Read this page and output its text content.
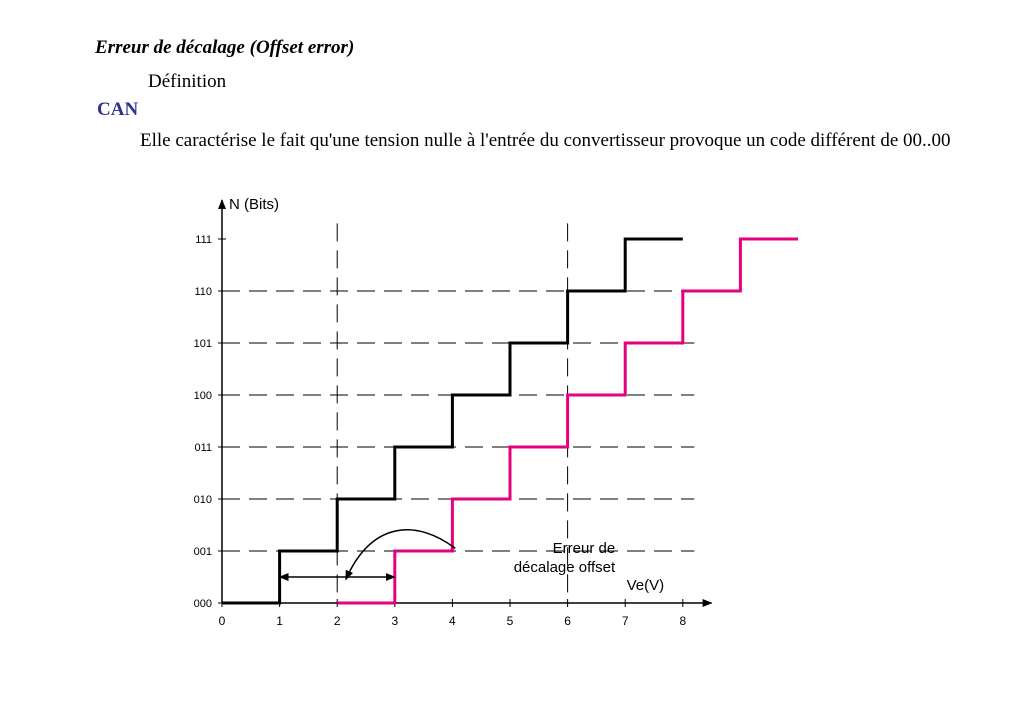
Erreur de décalage (Offset error)
Définition
CAN
Elle caractérise le fait qu'une tension nulle à l'entrée du convertisseur provoque un code différent de 00..00
0	1	2	3	4	5	6	7	8
000
001
010
011
100
101
110
111
N (Bits)
Ve(V)
Erreur de
décalage offset
